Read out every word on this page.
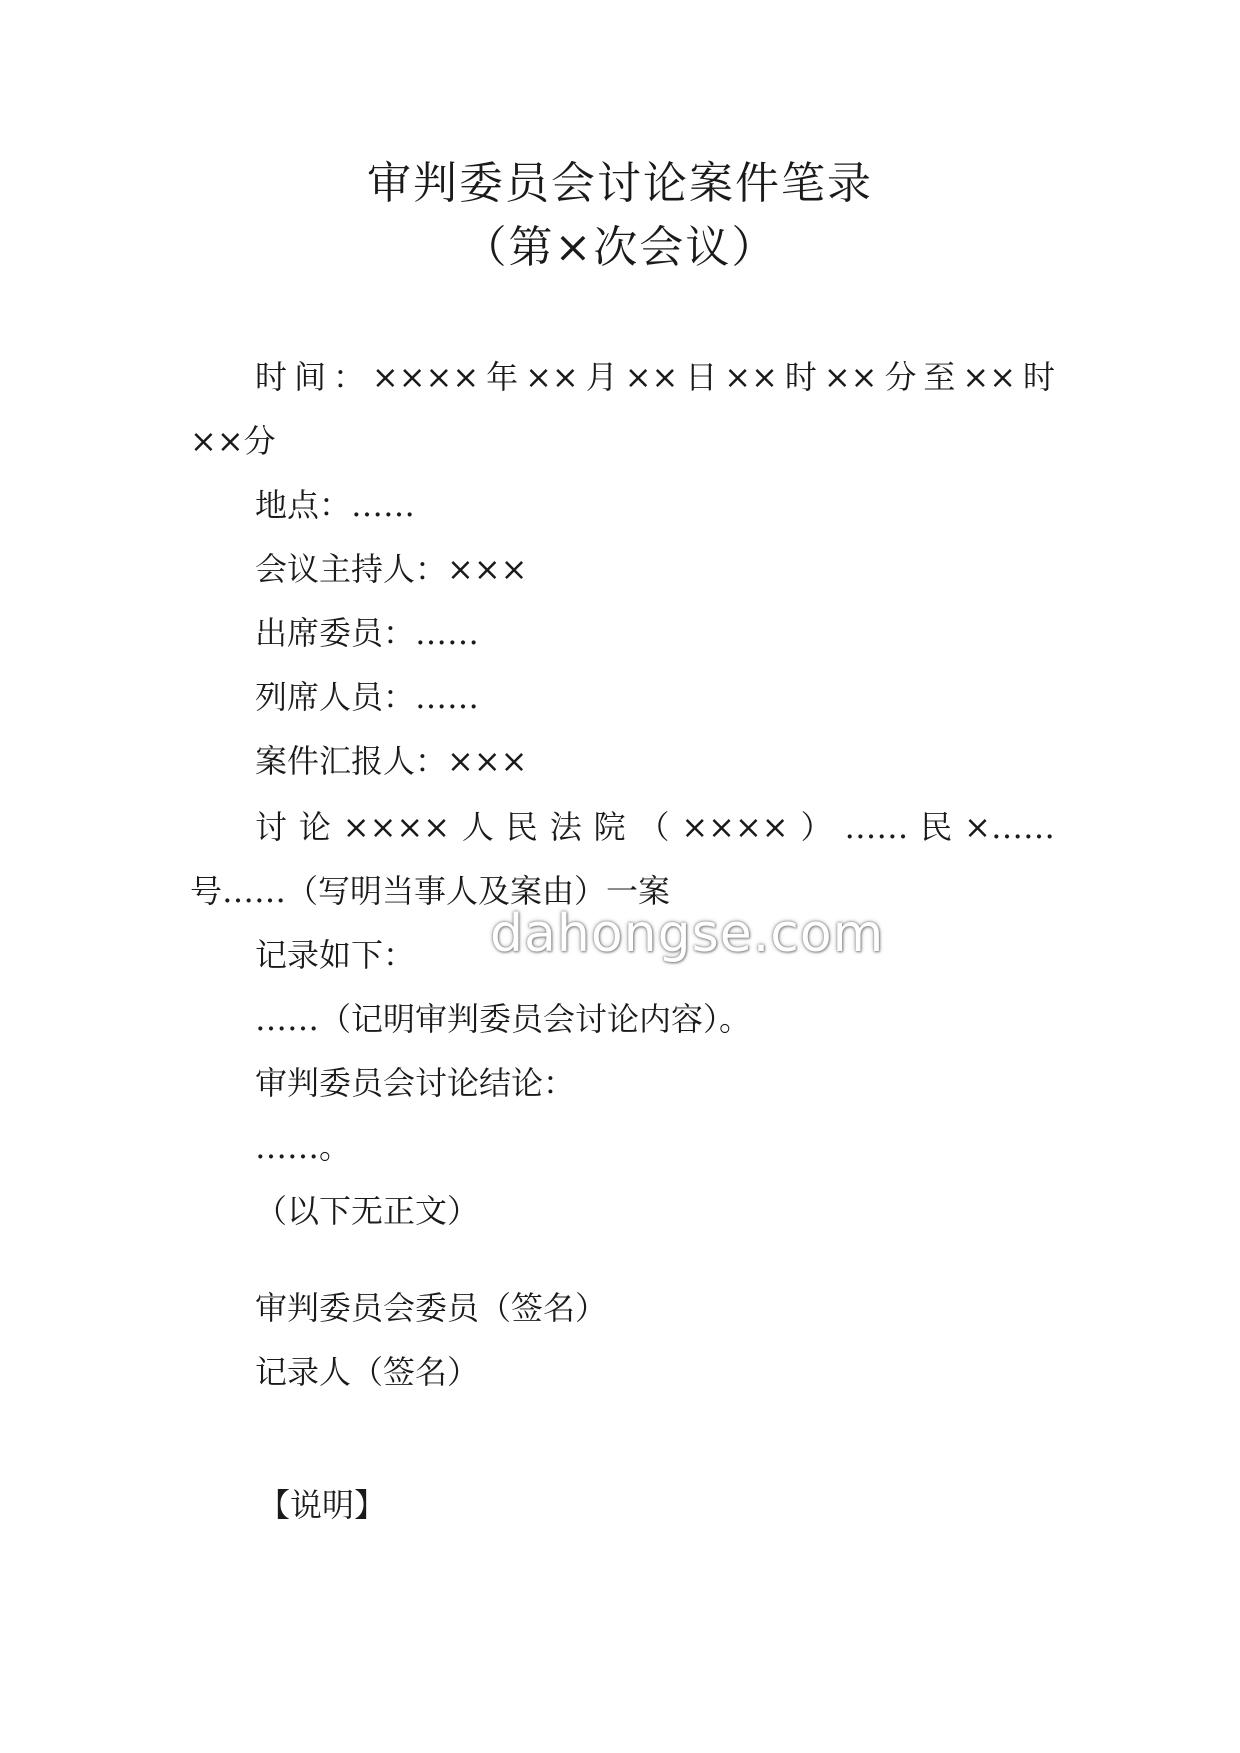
审判委员会讨论案件笔录
（第×次会议）
时间：××××年××月××日××时××分至××时
××分
地点：……
会议主持人：×××
出席委员：……
列席人员：……
案件汇报人：×××
讨论××××人民法院（××××）……民×……
号……（写明当事人及案由）一案
记录如下：
……（记明审判委员会讨论内容）。
审判委员会讨论结论：
……。
（以下无正文）
审判委员会委员（签名）
记录人（签名）
【说明】
dahongse.com
